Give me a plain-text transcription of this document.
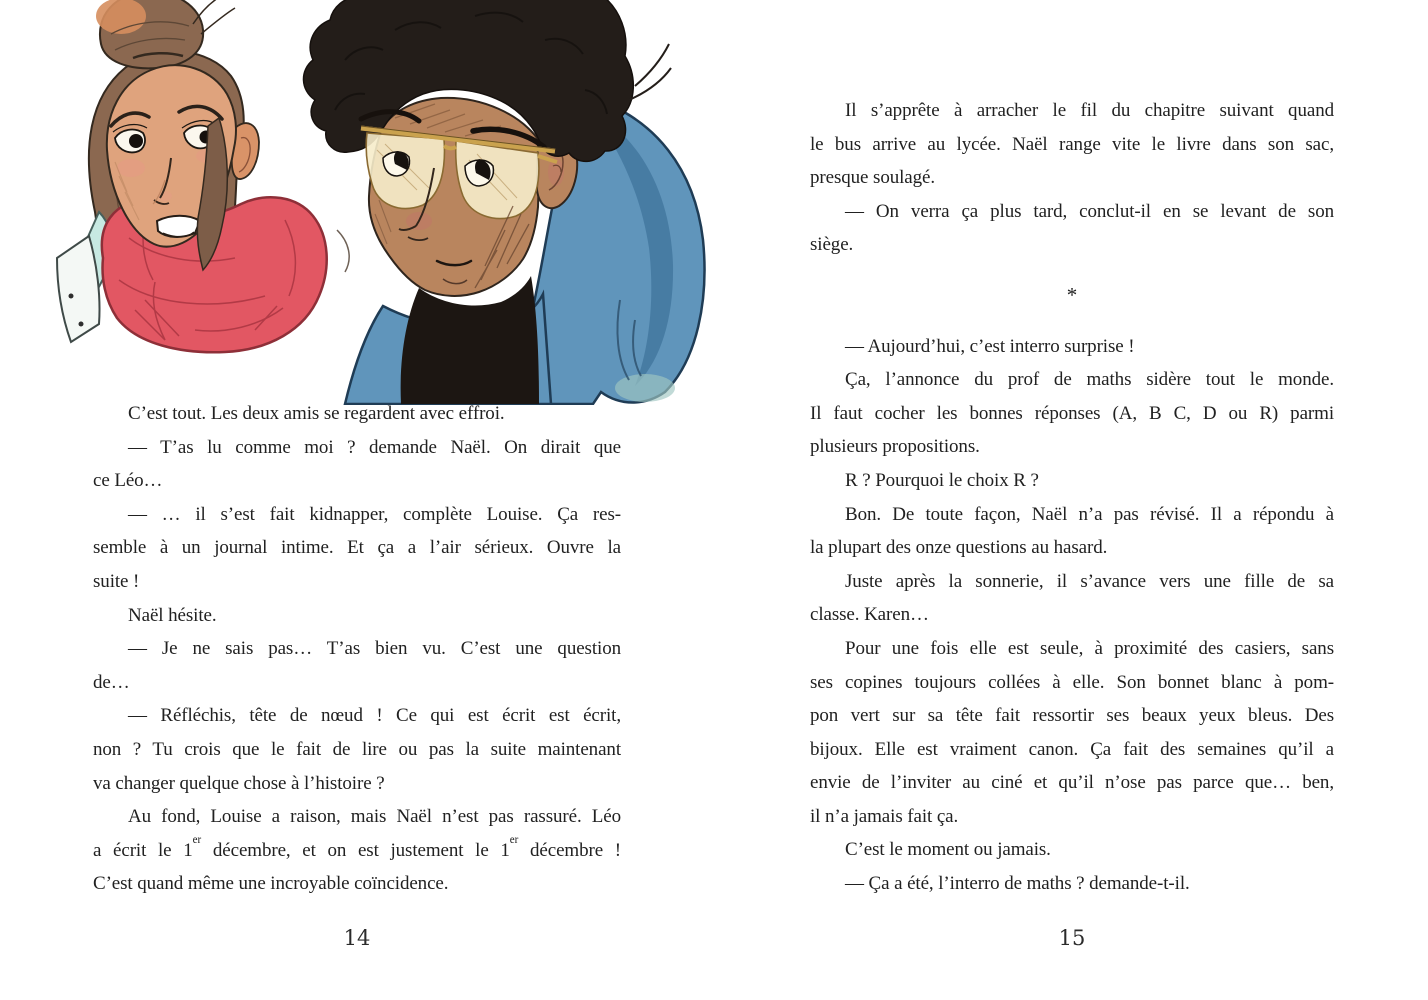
C’est tout. Les deux amis se regardent avec effroi.
— T’as lu comme moi ? demande Naël. On dirait que
ce Léo…
— … il s’est fait kidnapper, complète Louise. Ça res-
semble à un journal intime. Et ça a l’air sérieux. Ouvre la
suite !
Naël hésite.
— Je ne sais pas… T’as bien vu. C’est une question
de…
— Réfléchis, tête de nœud ! Ce qui est écrit est écrit,
non ? Tu crois que le fait de lire ou pas la suite maintenant
va changer quelque chose à l’histoire ?
Au fond, Louise a raison, mais Naël n’est pas rassuré. Léo
a écrit le 1er décembre, et on est justement le 1er décembre !
C’est quand même une incroyable coïncidence.
14
Il s’apprête à arracher le fil du chapitre suivant quand
le bus arrive au lycée. Naël range vite le livre dans son sac,
presque soulagé.
— On verra ça plus tard, conclut-il en se levant de son
siège.
*
— Aujourd’hui, c’est interro surprise !
Ça, l’annonce du prof de maths sidère tout le monde.
Il faut cocher les bonnes réponses (A, B C, D ou R) parmi
plusieurs propositions.
R ? Pourquoi le choix R ?
Bon. De toute façon, Naël n’a pas révisé. Il a répondu à
la plupart des onze questions au hasard.
Juste après la sonnerie, il s’avance vers une fille de sa
classe. Karen…
Pour une fois elle est seule, à proximité des casiers, sans
ses copines toujours collées à elle. Son bonnet blanc à pom-
pon vert sur sa tête fait ressortir ses beaux yeux bleus. Des
bijoux. Elle est vraiment canon. Ça fait des semaines qu’il a
envie de l’inviter au ciné et qu’il n’ose pas parce que… ben,
il n’a jamais fait ça.
C’est le moment ou jamais.
— Ça a été, l’interro de maths ? demande-t-il.
15
